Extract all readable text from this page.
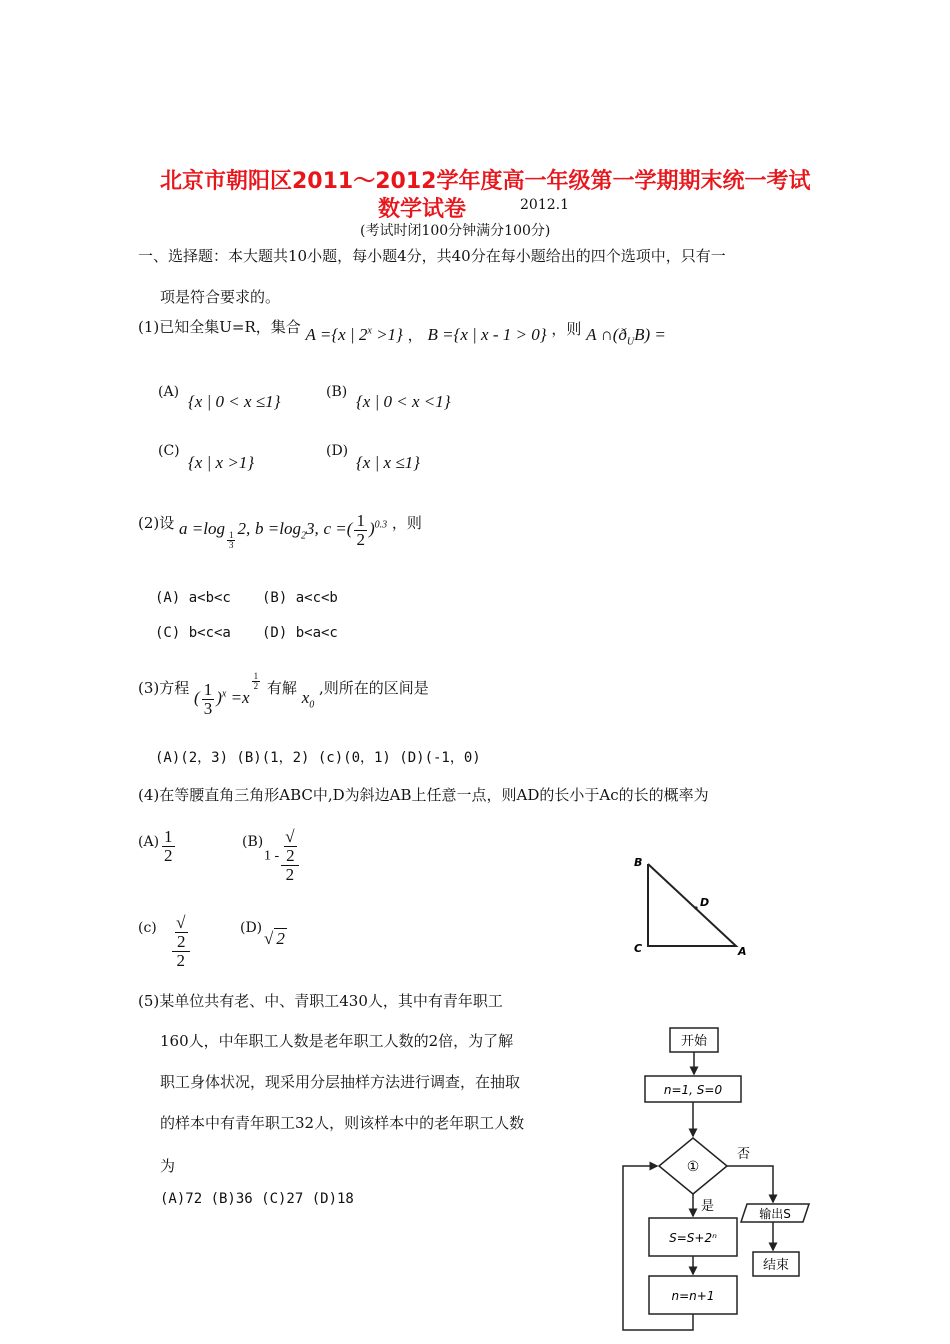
北京市朝阳区2011～2012学年度高一年级第一学期期末统一考试
数学试卷	2012.1
(考试时闭100分钟满分100分)
一、选择题：本大题共10小题，每小题4分，共40分在每小题给出的四个选项中，只有一
项是符合要求的。
(1)已知全集U=R，集合 A ={x | $2^x >1$} ， B ={x | x - 1 > 0} ，则 A $\cap(ð_UB)$ =
(A) {x | 0 < x ≤1}	(B) {x | 0 < x <1}
(C)
{x | x >1}
(D)
{x | x ≤1}
(2)设 a =log
$\frac{1}{3}$
2, $b =\log_23$, c =( $\frac{1}{2} )^{0.3}$ ，则
(A) a<b<c (B) a<c<b
(C) b<c<a (D) b<a<c
(3)方程 ( $\frac{1}{3} )^x =x$
$\frac{1}{2}$ 有解 $x_0$ ,则所在的区间是
(A)(2，3) (B)(1，2) (c)(0，1) (D)(-1，0)
(4)在等腰直角三角形ABC中,D为斜边AB上任意一点，则AD的长小于Ac的长的概率为
$(A) \frac{1}{2}$	(B)
1 - √
2
2
(c) √
2
2	(D)
√ 2
B
D
C	A
(5)某单位共有老、中、青职工430人，其中有青年职工
160人，中年职工人数是老年职工人数的2倍，为了解
职工身体状况，现采用分层抽样方法进行调查，在抽取
的样本中有青年职工32人，则该样本中的老年职工人数
为
(A)72 (B)36 (C)27 (D)18
开始
n=1, S=0
①
否
是	输出S
结束
S=S+2ⁿ
n=n+1
